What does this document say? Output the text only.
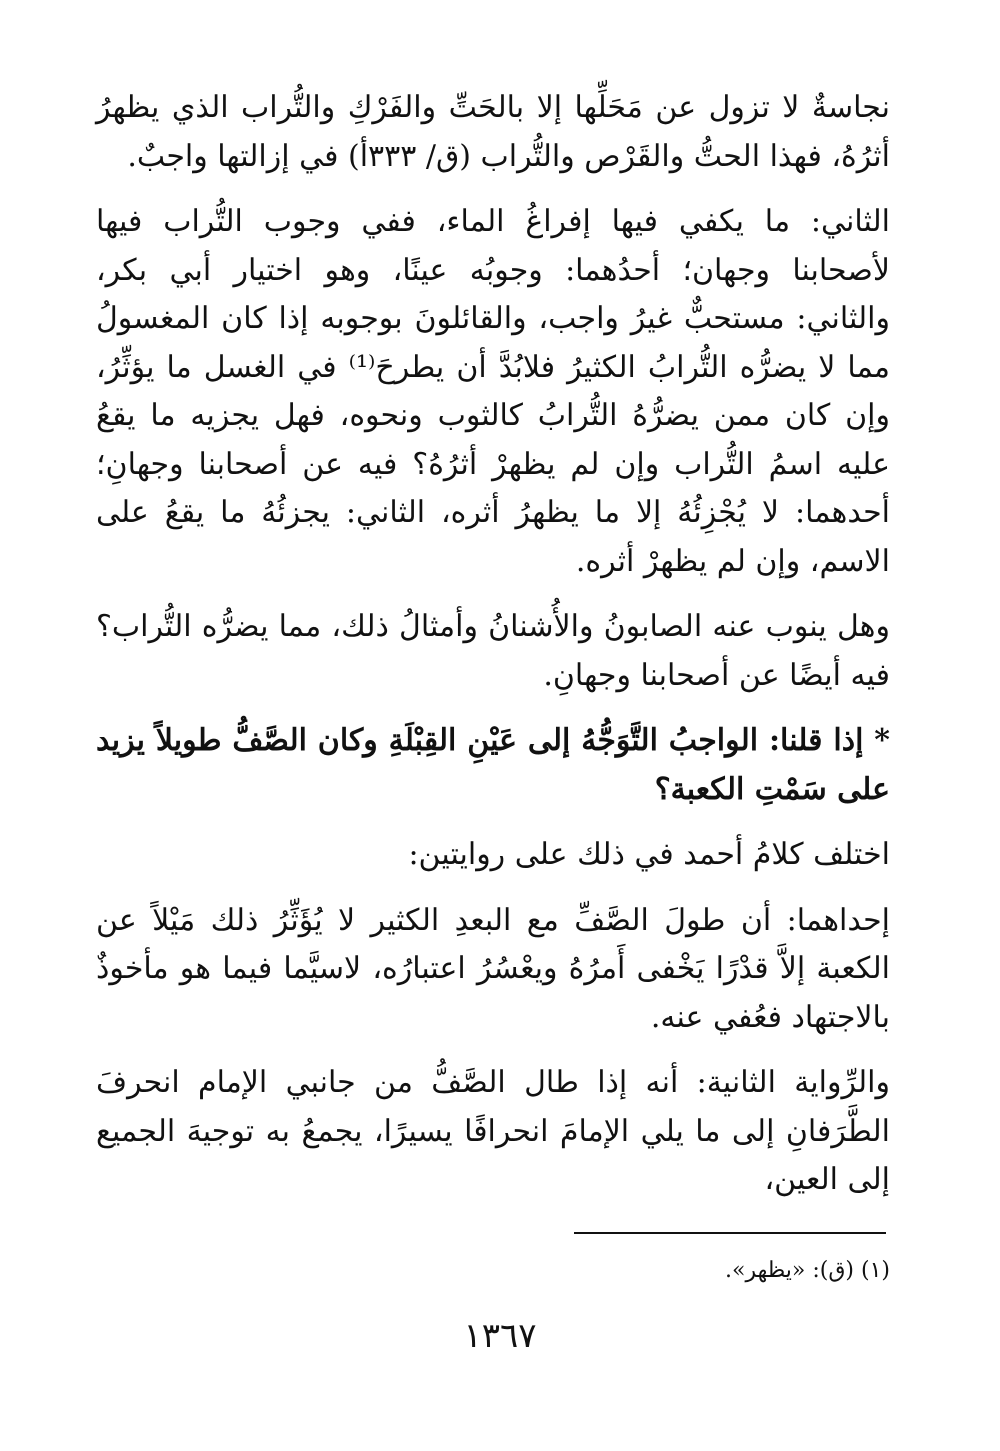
نجاسةٌ لا تزول عن مَحَلِّها إلا بالحَتِّ والفَرْكِ والتُّراب الذي يظهرُ أثرُهُ، فهذا الحتُّ والقَرْص والتُّراب (ق/ ٣٣٣أ) في إزالتها واجبٌ.

الثاني: ما يكفي فيها إفراغُ الماء، ففي وجوب التُّراب فيها لأصحابنا وجهان؛ أحدُهما: وجوبُه عينًا، وهو اختيار أبي بكر، والثاني: مستحبٌّ غيرُ واجب، والقائلونَ بوجوبه إذا كان المغسولُ مما لا يضرُّه التُّرابُ الكثيرُ فلابُدَّ أن يطرحَ⁽¹⁾ في الغسل ما يؤثِّرُ، وإن كان ممن يضرُّهُ التُّرابُ كالثوب ونحوه، فهل يجزيه ما يقعُ عليه اسمُ التُّراب وإن لم يظهرْ أثرُهُ؟ فيه عن أصحابنا وجهانِ؛ أحدهما: لا يُجْزِئُهُ إلا ما يظهرُ أثره، الثاني: يجزئُهُ ما يقعُ على الاسم، وإن لم يظهرْ أثره.

وهل ينوب عنه الصابونُ والأُشنانُ وأمثالُ ذلك، مما يضرُّه التُّراب؟ فيه أيضًا عن أصحابنا وجهانِ.

* إذا قلنا: الواجبُ التَّوَجُّهُ إلى عَيْنِ القِبْلَةِ وكان الصَّفُّ طويلاً يزيد على سَمْتِ الكعبة؟

اختلف كلامُ أحمد في ذلك على روايتين:

إحداهما: أن طولَ الصَّفِّ مع البعدِ الكثير لا يُؤَثِّرُ ذلك مَيْلاً عن الكعبة إلاَّ قدْرًا يَخْفى أَمرُهُ ويعْسُرُ اعتبارُه، لاسيَّما فيما هو مأخوذٌ بالاجتهاد فعُفي عنه.

والرِّواية الثانية: أنه إذا طال الصَّفُّ من جانبي الإمام انحرفَ الطَّرَفانِ إلى ما يلي الإمامَ انحرافًا يسيرًا، يجمعُ به توجيهَ الجميع إلى العين،

(١) (ق): «يظهر».
١٣٦٧
